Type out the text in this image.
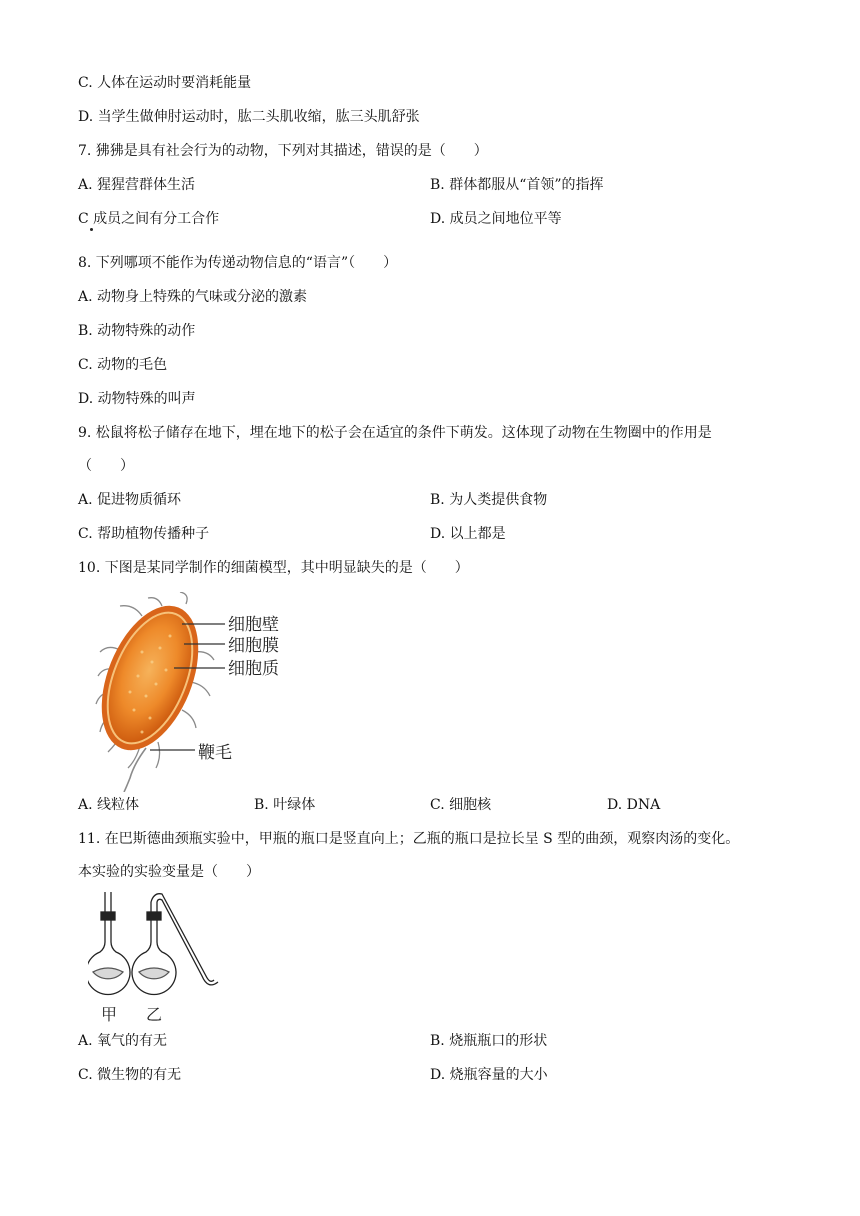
C. 人体在运动时要消耗能量
D. 当学生做伸肘运动时，肱二头肌收缩，肱三头肌舒张
7. 狒狒是具有社会行为的动物，下列对其描述，错误的是（　　）
A. 猩猩营群体生活	B. 群体都服从“首领”的指挥
C 成员之间有分工合作	D. 成员之间地位平等
8. 下列哪项不能作为传递动物信息的“语言”（　　）
A. 动物身上特殊的气味或分泌的激素
B. 动物特殊的动作
C. 动物的毛色
D. 动物特殊的叫声
9. 松鼠将松子储存在地下，埋在地下的松子会在适宜的条件下萌发。这体现了动物在生物圈中的作用是
（　　）
A. 促进物质循环	B. 为人类提供食物
C. 帮助植物传播种子	D. 以上都是
10. 下图是某同学制作的细菌模型，其中明显缺失的是（　　）
细胞壁
细胞膜
细胞质
鞭毛
A. 线粒体	B. 叶绿体	C. 细胞核	D. DNA
11. 在巴斯德曲颈瓶实验中，甲瓶的瓶口是竖直向上；乙瓶的瓶口是拉长呈 S 型的曲颈，观察肉汤的变化。
本实验的实验变量是（　　）
甲 乙
A. 氧气的有无	B. 烧瓶瓶口的形状
C. 微生物的有无	D. 烧瓶容量的大小
